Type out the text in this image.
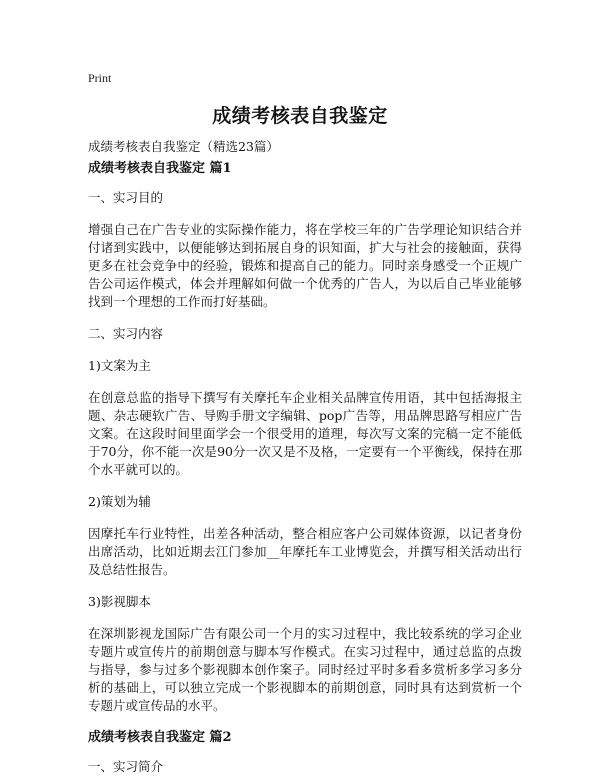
Print
成绩考核表自我鉴定
成绩考核表自我鉴定（精选23篇）

成绩考核表自我鉴定 篇1

一、实习目的

增强自己在广告专业的实际操作能力，将在学校三年的广告学理论知识结合并付诸到实践中，以便能够达到拓展自身的识知面，扩大与社会的接触面，获得更多在社会竞争中的经验，锻炼和提高自己的能力。同时亲身感受一个正规广告公司运作模式，体会并理解如何做一个优秀的广告人，为以后自己毕业能够找到一个理想的工作而打好基础。

二、实习内容

1)文案为主

在创意总监的指导下撰写有关摩托车企业相关品牌宣传用语，其中包括海报主题、杂志硬软广告、导购手册文字编辑、pop广告等，用品牌思路写相应广告文案。在这段时间里面学会一个很受用的道理，每次写文案的完稿一定不能低于70分，你不能一次是90分一次又是不及格，一定要有一个平衡线，保持在那个水平就可以的。

2)策划为辅

因摩托车行业特性，出差各种活动，整合相应客户公司媒体资源，以记者身份出席活动，比如近期去江门参加__年摩托车工业博览会，并撰写相关活动出行及总结性报告。

3)影视脚本

在深圳影视龙国际广告有限公司一个月的实习过程中，我比较系统的学习企业专题片或宣传片的前期创意与脚本写作模式。在实习过程中，通过总监的点拨与指导，参与过多个影视脚本创作案子。同时经过平时多看多赏析多学习多分析的基础上，可以独立完成一个影视脚本的前期创意，同时具有达到赏析一个专题片或宣传品的水平。

成绩考核表自我鉴定 篇2

一、实习简介
